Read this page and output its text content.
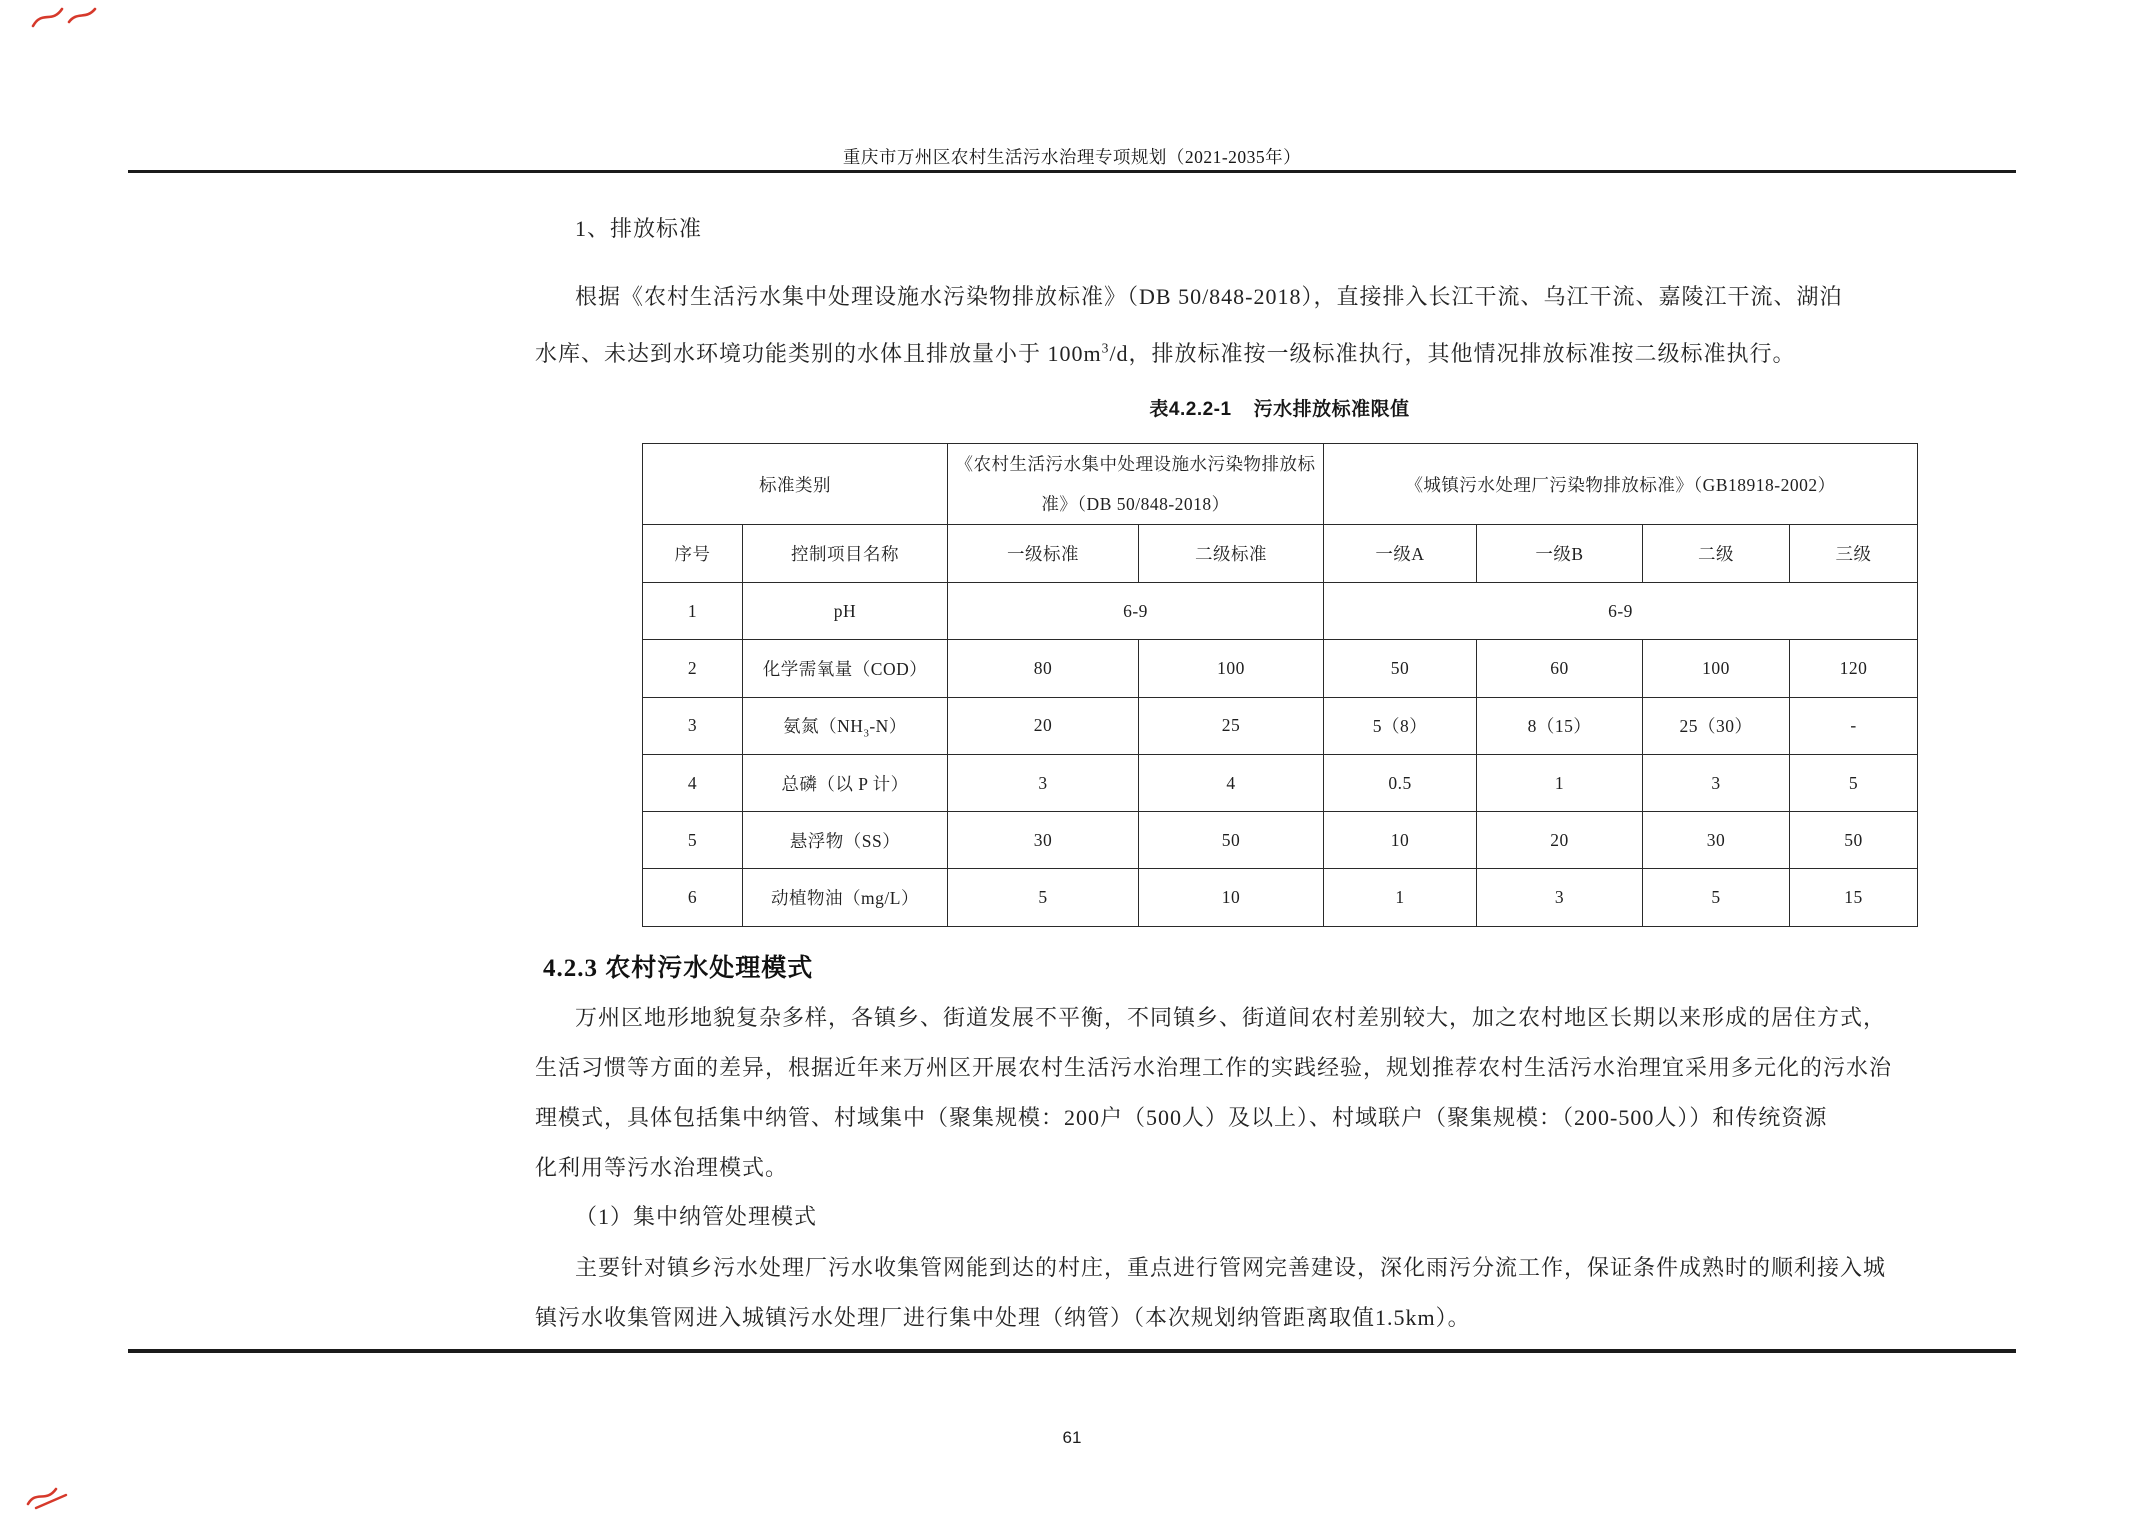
重庆市万州区农村生活污水治理专项规划（2021-2035年）
1、排放标准
根据《农村生活污水集中处理设施水污染物排放标准》（DB 50/848-2018），直接排入长江干流、乌江干流、嘉陵江干流、湖泊
水库、未达到水环境功能类别的水体且排放量小于 $100m^3/d$，排放标准按一级标准执行，其他情况排放标准按二级标准执行。
表4.2.2-1 污水排放标准限值
标准类别		《农村生活污水集中处理设施水污染物排放标准》（DB 50/848-2018）		《城镇污水处理厂污染物排放标准》（GB18918-2002）			
序号	控制项目名称	一级标准	二级标准	一级A	一级B	二级	三级
1	pH	6-9		6-9			
2	化学需氧量（COD）	80	100	50	60	100	120
3	氨氮$(NH_3-N)$	20	25	5（8）	8（15）	25（30）	-
4	总磷（以 P 计）	3	4	0.5	1	3	5
5	悬浮物（SS）	30	50	10	20	30	50
6	动植物油（mg/L）	5	10	1	3	5	15
4.2.3 农村污水处理模式
万州区地形地貌复杂多样，各镇乡、街道发展不平衡，不同镇乡、街道间农村差别较大，加之农村地区长期以来形成的居住方式，
生活习惯等方面的差异，根据近年来万州区开展农村生活污水治理工作的实践经验，规划推荐农村生活污水治理宜采用多元化的污水治
理模式，具体包括集中纳管、村域集中（聚集规模：200户（500人）及以上）、村域联户（聚集规模：（200-500人））和传统资源
化利用等污水治理模式。
（1）集中纳管处理模式
主要针对镇乡污水处理厂污水收集管网能到达的村庄，重点进行管网完善建设，深化雨污分流工作，保证条件成熟时的顺利接入城
镇污水收集管网进入城镇污水处理厂进行集中处理（纳管）（本次规划纳管距离取值1.5km）。
61
